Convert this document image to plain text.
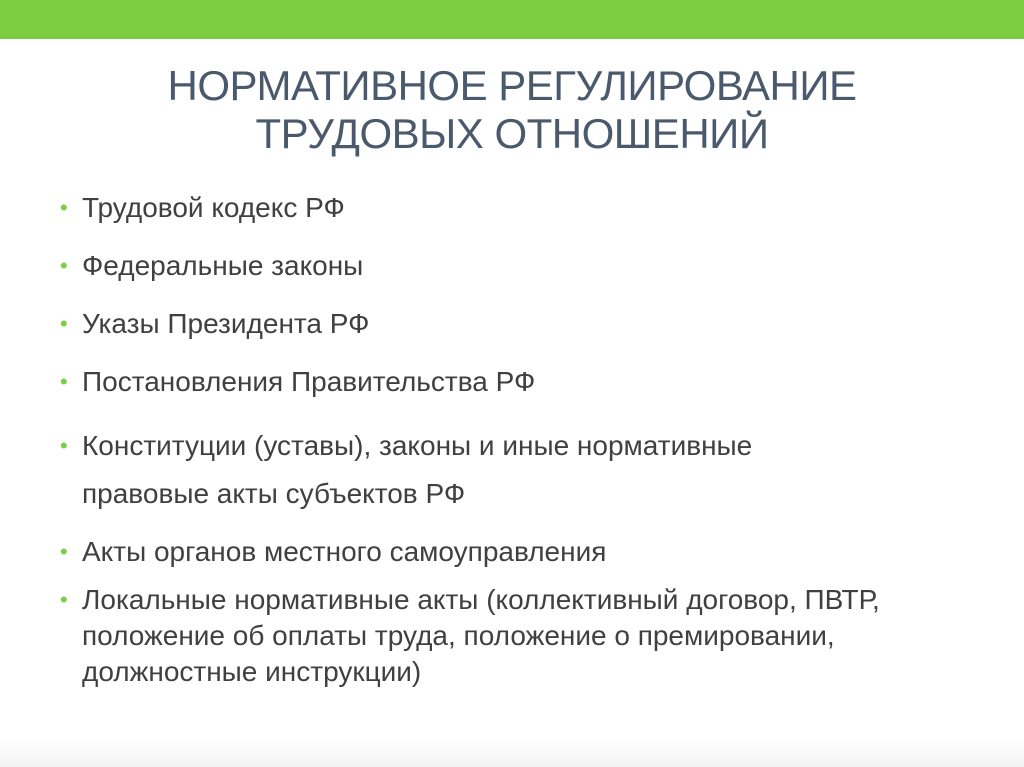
НОРМАТИВНОЕ РЕГУЛИРОВАНИЕ
ТРУДОВЫХ ОТНОШЕНИЙ
• Трудовой кодекс РФ
• Федеральные законы
• Указы Президента РФ
• Постановления Правительства РФ
• Конституции (уставы), законы и иные нормативные правовые акты субъектов РФ
• Акты органов местного самоуправления
• Локальные нормативные акты (коллективный договор, ПВТР, положение об оплаты труда, положение о премировании, должностные инструкции)
